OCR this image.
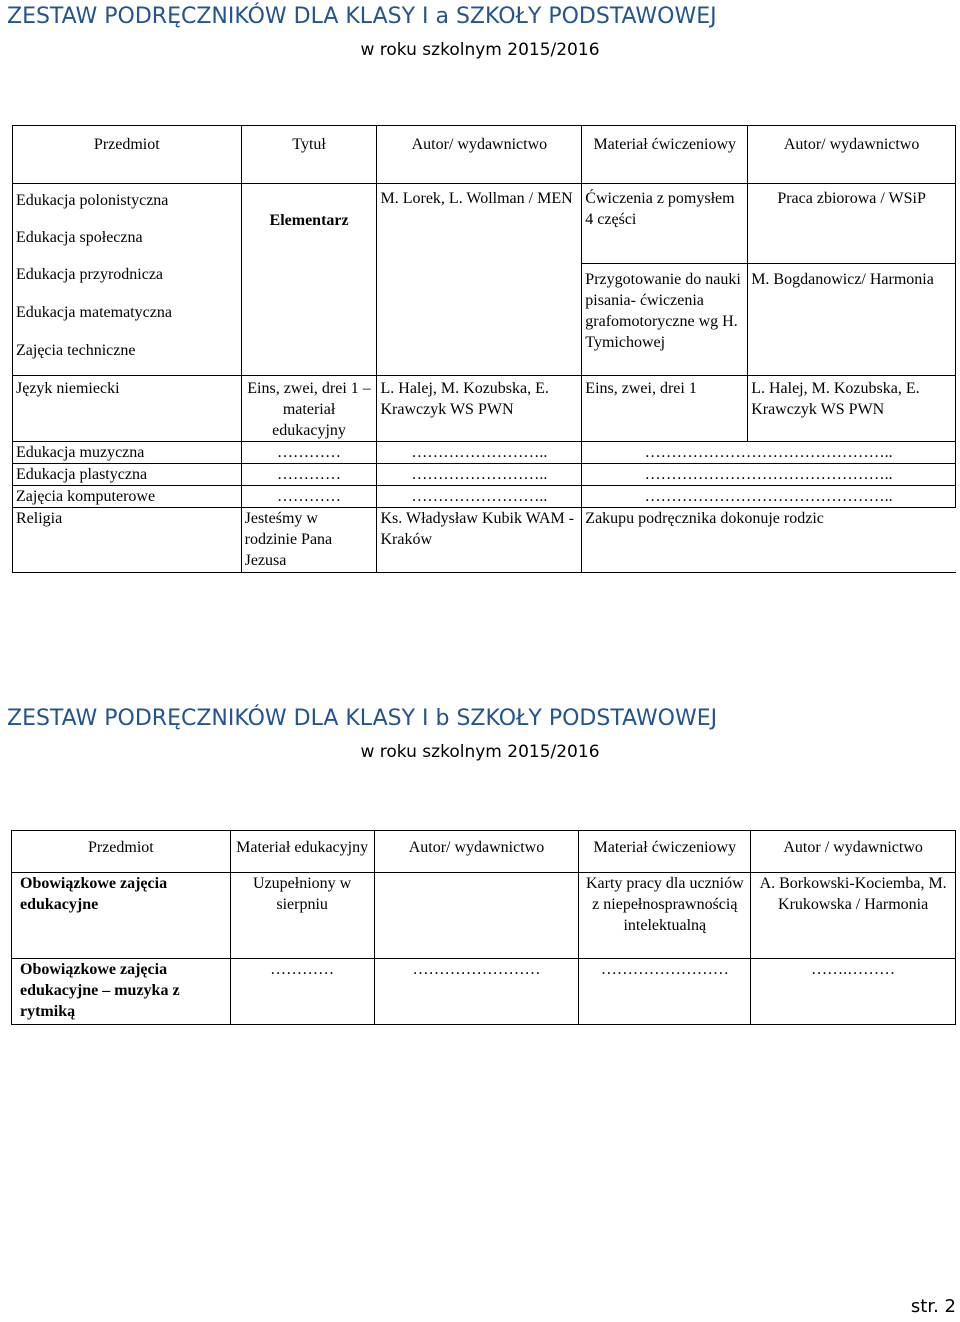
ZESTAW PODRĘCZNIKÓW DLA KLASY I a SZKOŁY PODSTAWOWEJ
w roku szkolnym 2015/2016
Przedmiot	Tytuł	Autor/ wydawnictwo	Materiał ćwiczeniowy	Autor/ wydawnictwo

Edukacja polonistyczna
Edukacja społeczna
Edukacja przyrodnicza
Edukacja matematyczna
Zajęcia techniczne	Elementarz	M. Lorek, L. Wollman / MEN	Ćwiczenia z pomysłem 4 części	Praca zbiorowa / WSiP
			Przygotowanie do nauki pisania- ćwiczenia grafomotoryczne wg H. Tymichowej	M. Bogdanowicz/ Harmonia
Język niemiecki	Eins, zwei, drei 1 – materiał edukacyjny	L. Halej, M. Kozubska, E. Krawczyk WS PWN	Eins, zwei, drei 1	L. Halej, M. Kozubska, E. Krawczyk WS PWN
Edukacja muzyczna	…………	……………………..	………………………………………..	
Edukacja plastyczna	…………	……………………..	………………………………………..	
Zajęcia komputerowe	…………	……………………..	………………………………………..	
Religia	Jesteśmy w rodzinie Pana Jezusa	Ks. Władysław Kubik WAM - Kraków	Zakupu podręcznika dokonuje rodzic	
ZESTAW PODRĘCZNIKÓW DLA KLASY I b SZKOŁY PODSTAWOWEJ
w roku szkolnym 2015/2016
Przedmiot	Materiał edukacyjny	Autor/ wydawnictwo	Materiał ćwiczeniowy	Autor / wydawnictwo
Obowiązkowe zajęcia edukacyjne	Uzupełniony w sierpniu		Karty pracy dla uczniów z niepełnosprawnością intelektualną	A. Borkowski-Kociemba, M. Krukowska / Harmonia
Obowiązkowe zajęcia edukacyjne – muzyka z rytmiką	…………	……………………	……………………	…….………
str. 2
